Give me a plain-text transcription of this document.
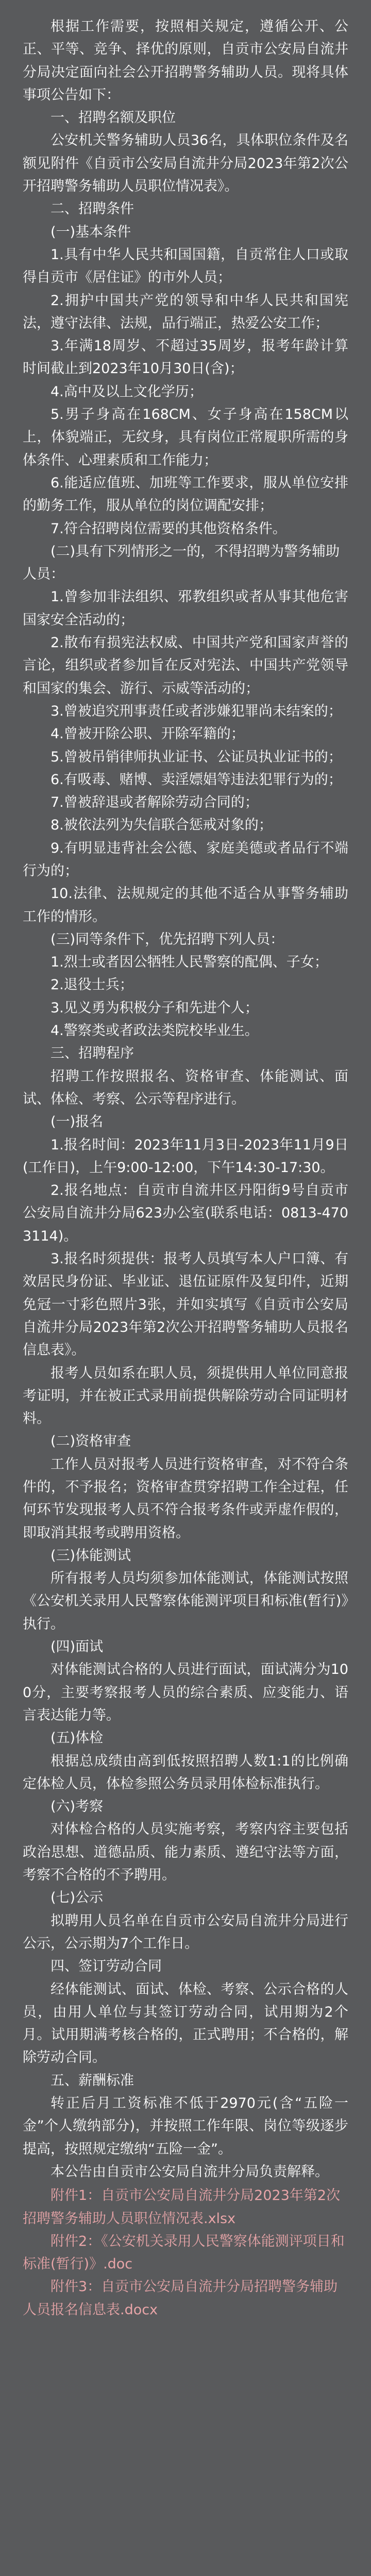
根据工作需要，按照相关规定，遵循公开、公正、平等、竞争、择优的原则，自贡市公安局自流井分局决定面向社会公开招聘警务辅助人员。现将具体事项公告如下：

一、招聘名额及职位

公安机关警务辅助人员36名，具体职位条件及名额见附件《自贡市公安局自流井分局2023年第2次公开招聘警务辅助人员职位情况表》。

二、招聘条件

(一)基本条件

1.具有中华人民共和国国籍，自贡常住人口或取得自贡市《居住证》的市外人员；

2.拥护中国共产党的领导和中华人民共和国宪法，遵守法律、法规，品行端正，热爱公安工作；

3.年满18周岁、不超过35周岁，报考年龄计算时间截止到2023年10月30日(含)；

4.高中及以上文化学历；

5.男子身高在168CM、女子身高在158CM以上，体貌端正，无纹身，具有岗位正常履职所需的身体条件、心理素质和工作能力；

6.能适应值班、加班等工作要求，服从单位安排的勤务工作，服从单位的岗位调配安排；

7.符合招聘岗位需要的其他资格条件。

(二)具有下列情形之一的，不得招聘为警务辅助人员：

1.曾参加非法组织、邪教组织或者从事其他危害国家安全活动的；

2.散布有损宪法权威、中国共产党和国家声誉的言论，组织或者参加旨在反对宪法、中国共产党领导和国家的集会、游行、示威等活动的；

3.曾被追究刑事责任或者涉嫌犯罪尚未结案的；

4.曾被开除公职、开除军籍的；

5.曾被吊销律师执业证书、公证员执业证书的；

6.有吸毒、赌博、卖淫嫖娼等违法犯罪行为的；

7.曾被辞退或者解除劳动合同的；

8.被依法列为失信联合惩戒对象的；

9.有明显违背社会公德、家庭美德或者品行不端行为的；

10.法律、法规规定的其他不适合从事警务辅助工作的情形。

(三)同等条件下，优先招聘下列人员：

1.烈士或者因公牺牲人民警察的配偶、子女；

2.退役士兵；

3.见义勇为积极分子和先进个人；

4.警察类或者政法类院校毕业生。

三、招聘程序

招聘工作按照报名、资格审查、体能测试、面试、体检、考察、公示等程序进行。

(一)报名

1.报名时间：2023年11月3日-2023年11月9日(工作日)，上午9:00-12:00，下午14:30-17:30。

2.报名地点：自贡市自流井区丹阳街9号自贡市公安局自流井分局623办公室(联系电话：0813-4703114)。

3.报名时须提供：报考人员填写本人户口簿、有效居民身份证、毕业证、退伍证原件及复印件，近期免冠一寸彩色照片3张，并如实填写《自贡市公安局自流井分局2023年第2次公开招聘警务辅助人员报名信息表》。

报考人员如系在职人员，须提供用人单位同意报考证明，并在被正式录用前提供解除劳动合同证明材料。

(二)资格审查

工作人员对报考人员进行资格审查，对不符合条件的，不予报名；资格审查贯穿招聘工作全过程，任何环节发现报考人员不符合报考条件或弄虚作假的，即取消其报考或聘用资格。

(三)体能测试

所有报考人员均须参加体能测试，体能测试按照《公安机关录用人民警察体能测评项目和标准(暂行)》执行。

(四)面试

对体能测试合格的人员进行面试，面试满分为100分，主要考察报考人员的综合素质、应变能力、语言表达能力等。

(五)体检

根据总成绩由高到低按照招聘人数1:1的比例确定体检人员，体检参照公务员录用体检标准执行。

(六)考察

对体检合格的人员实施考察，考察内容主要包括政治思想、道德品质、能力素质、遵纪守法等方面，考察不合格的不予聘用。

(七)公示

拟聘用人员名单在自贡市公安局自流井分局进行公示，公示期为7个工作日。

四、签订劳动合同

经体能测试、面试、体检、考察、公示合格的人员，由用人单位与其签订劳动合同，试用期为2个月。试用期满考核合格的，正式聘用；不合格的，解除劳动合同。

五、薪酬标准

转正后月工资标准不低于2970元(含“五险一金”个人缴纳部分)，并按照工作年限、岗位等级逐步提高，按照规定缴纳“五险一金”。

本公告由自贡市公安局自流井分局负责解释。

附件1：自贡市公安局自流井分局2023年第2次招聘警务辅助人员职位情况表.xlsx

附件2：《公安机关录用人民警察体能测评项目和标准(暂行)》.doc

附件3：自贡市公安局自流井分局招聘警务辅助人员报名信息表.docx
